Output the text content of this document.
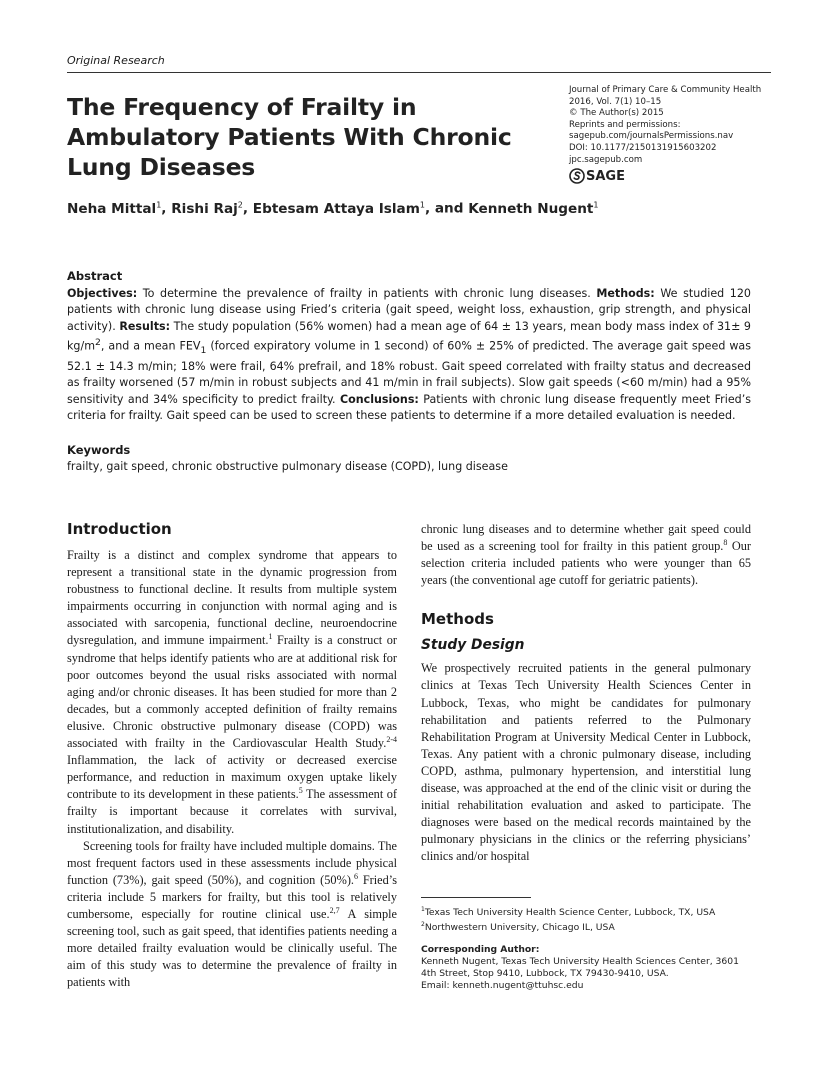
Original Research
The Frequency of Frailty in Ambulatory Patients With Chronic Lung Diseases
Journal of Primary Care & Community Health
2016, Vol. 7(1) 10–15
© The Author(s) 2015
Reprints and permissions:
sagepub.com/journalsPermissions.nav
DOI: 10.1177/2150131915603202
jpc.sagepub.com
SAGE
Neha Mittal$^1$, Rishi Raj$^2$, Ebtesam Attaya Islam$^1$, and Kenneth Nugent$^1$
Abstract

Objectives: To determine the prevalence of frailty in patients with chronic lung diseases. Methods: We studied 120 patients with chronic lung disease using Fried’s criteria (gait speed, weight loss, exhaustion, grip strength, and physical activity). Results: The study population (56% women) had a mean age of 64 ± 13 years, mean body mass index of 31± 9 $kg/m^2$, and a mean $FEV_1$ (forced expiratory volume in 1 second) of 60% ± 25% of predicted. The average gait speed was 52.1 ± 14.3 m/min; 18% were frail, 64% prefrail, and 18% robust. Gait speed correlated with frailty status and decreased as frailty worsened (57 m/min in robust subjects and 41 m/min in frail subjects). Slow gait speeds (<60 m/min) had a 95% sensitivity and 34% specificity to predict frailty. Conclusions: Patients with chronic lung disease frequently meet Fried’s criteria for frailty. Gait speed can be used to screen these patients to determine if a more detailed evaluation is needed.

Keywords
frailty, gait speed, chronic obstructive pulmonary disease (COPD), lung disease
Introduction

Frailty is a distinct and complex syndrome that appears to represent a transitional state in the dynamic progression from robustness to functional decline. It results from multiple system impairments occurring in conjunction with normal aging and is associated with sarcopenia, functional decline, neuroendocrine dysregulation, and immune impairment.$^1$ Frailty is a construct or syndrome that helps identify patients who are at additional risk for poor outcomes beyond the usual risks associated with normal aging and/or chronic diseases. It has been studied for more than 2 decades, but a commonly accepted definition of frailty remains elusive. Chronic obstructive pulmonary disease (COPD) was associated with frailty in the Cardiovascular Health Study.$^{2-4}$ Inflammation, the lack of activity or decreased exercise performance, and reduction in maximum oxygen uptake likely contribute to its development in these patients.$^5$ The assessment of frailty is important because it correlates with survival, institutionalization, and disability.

Screening tools for frailty have included multiple domains. The most frequent factors used in these assessments include physical function (73%), gait speed (50%), and cognition (50%).$^6$ Fried’s criteria include 5 markers for frailty, but this tool is relatively cumbersome, especially for routine clinical use.$^{2,7}$ A simple screening tool, such as gait speed, that identifies patients needing a more detailed frailty evaluation would be clinically useful. The aim of this study was to determine the prevalence of frailty in patients with

chronic lung diseases and to determine whether gait speed could be used as a screening tool for frailty in this patient group.$^8$ Our selection criteria included patients who were younger than 65 years (the conventional age cutoff for geriatric patients).

Methods
Study Design

We prospectively recruited patients in the general pulmonary clinics at Texas Tech University Health Sciences Center in Lubbock, Texas, who might be candidates for pulmonary rehabilitation and patients referred to the Pulmonary Rehabilitation Program at University Medical Center in Lubbock, Texas. Any patient with a chronic pulmonary disease, including COPD, asthma, pulmonary hypertension, and interstitial lung disease, was approached at the end of the clinic visit or during the initial rehabilitation evaluation and asked to participate. The diagnoses were based on the medical records maintained by the pulmonary physicians in the clinics or the referring physicians’ clinics and/or hospital

$^1$Texas Tech University Health Science Center, Lubbock, TX, USA
$^2$Northwestern University, Chicago IL, USA
Corresponding Author:
Kenneth Nugent, Texas Tech University Health Sciences Center, 3601
4th Street, Stop 9410, Lubbock, TX 79430-9410, USA.
Email: kenneth.nugent@ttuhsc.edu
